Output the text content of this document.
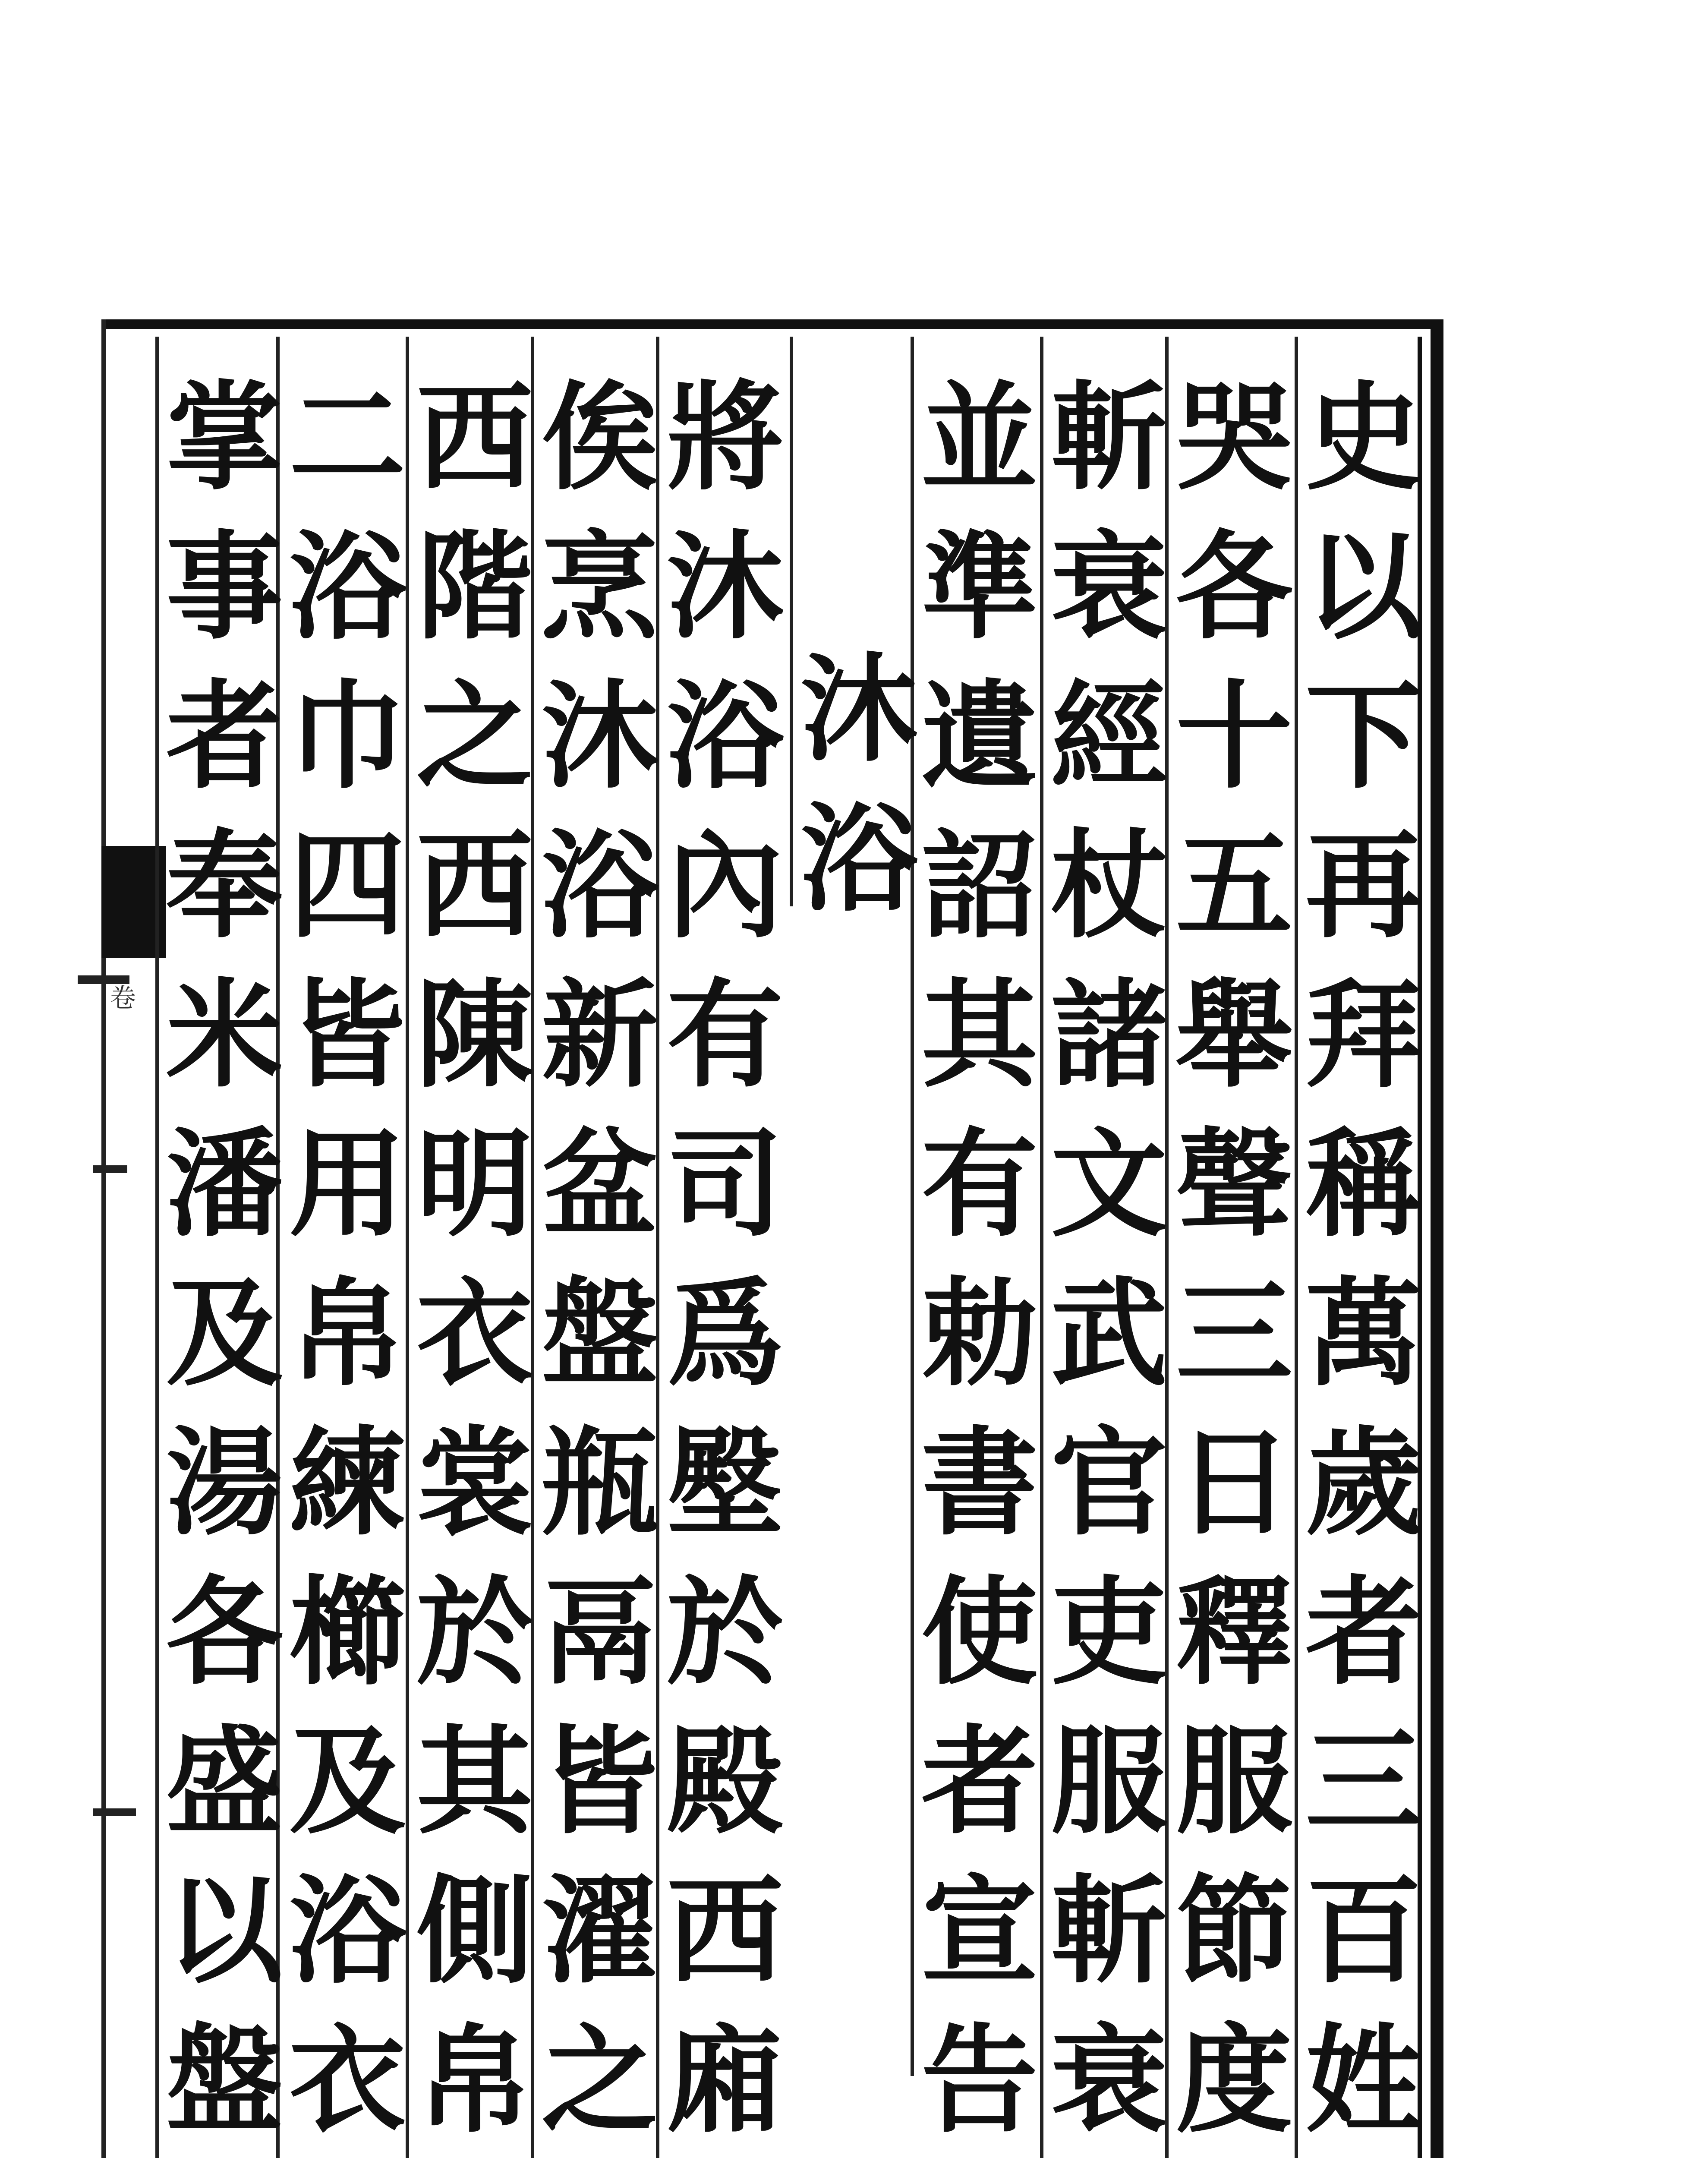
卷
史
以
下
再
拜
稱
萬
歲
者
三
百
姓
哭
各
十
五
舉
聲
三
日
釋
服
節
度
斬
衰
經
杖
諸
文
武
官
吏
服
斬
衰
並
準
遺
詔
其
有
勅
書
使
者
宣
告
沐
浴
將
沐
浴
內
有
司
爲
壂
於
殿
西
廂
俟
烹
沐
浴
新
盆
盤
瓶
鬲
皆
濯
之
西
階
之
西
陳
明
衣
裳
於
其
側
帛
二
浴
巾
四
皆
用
帛
練
櫛
及
浴
衣
掌
事
者
奉
米
潘
及
湯
各
盛
以
盤
